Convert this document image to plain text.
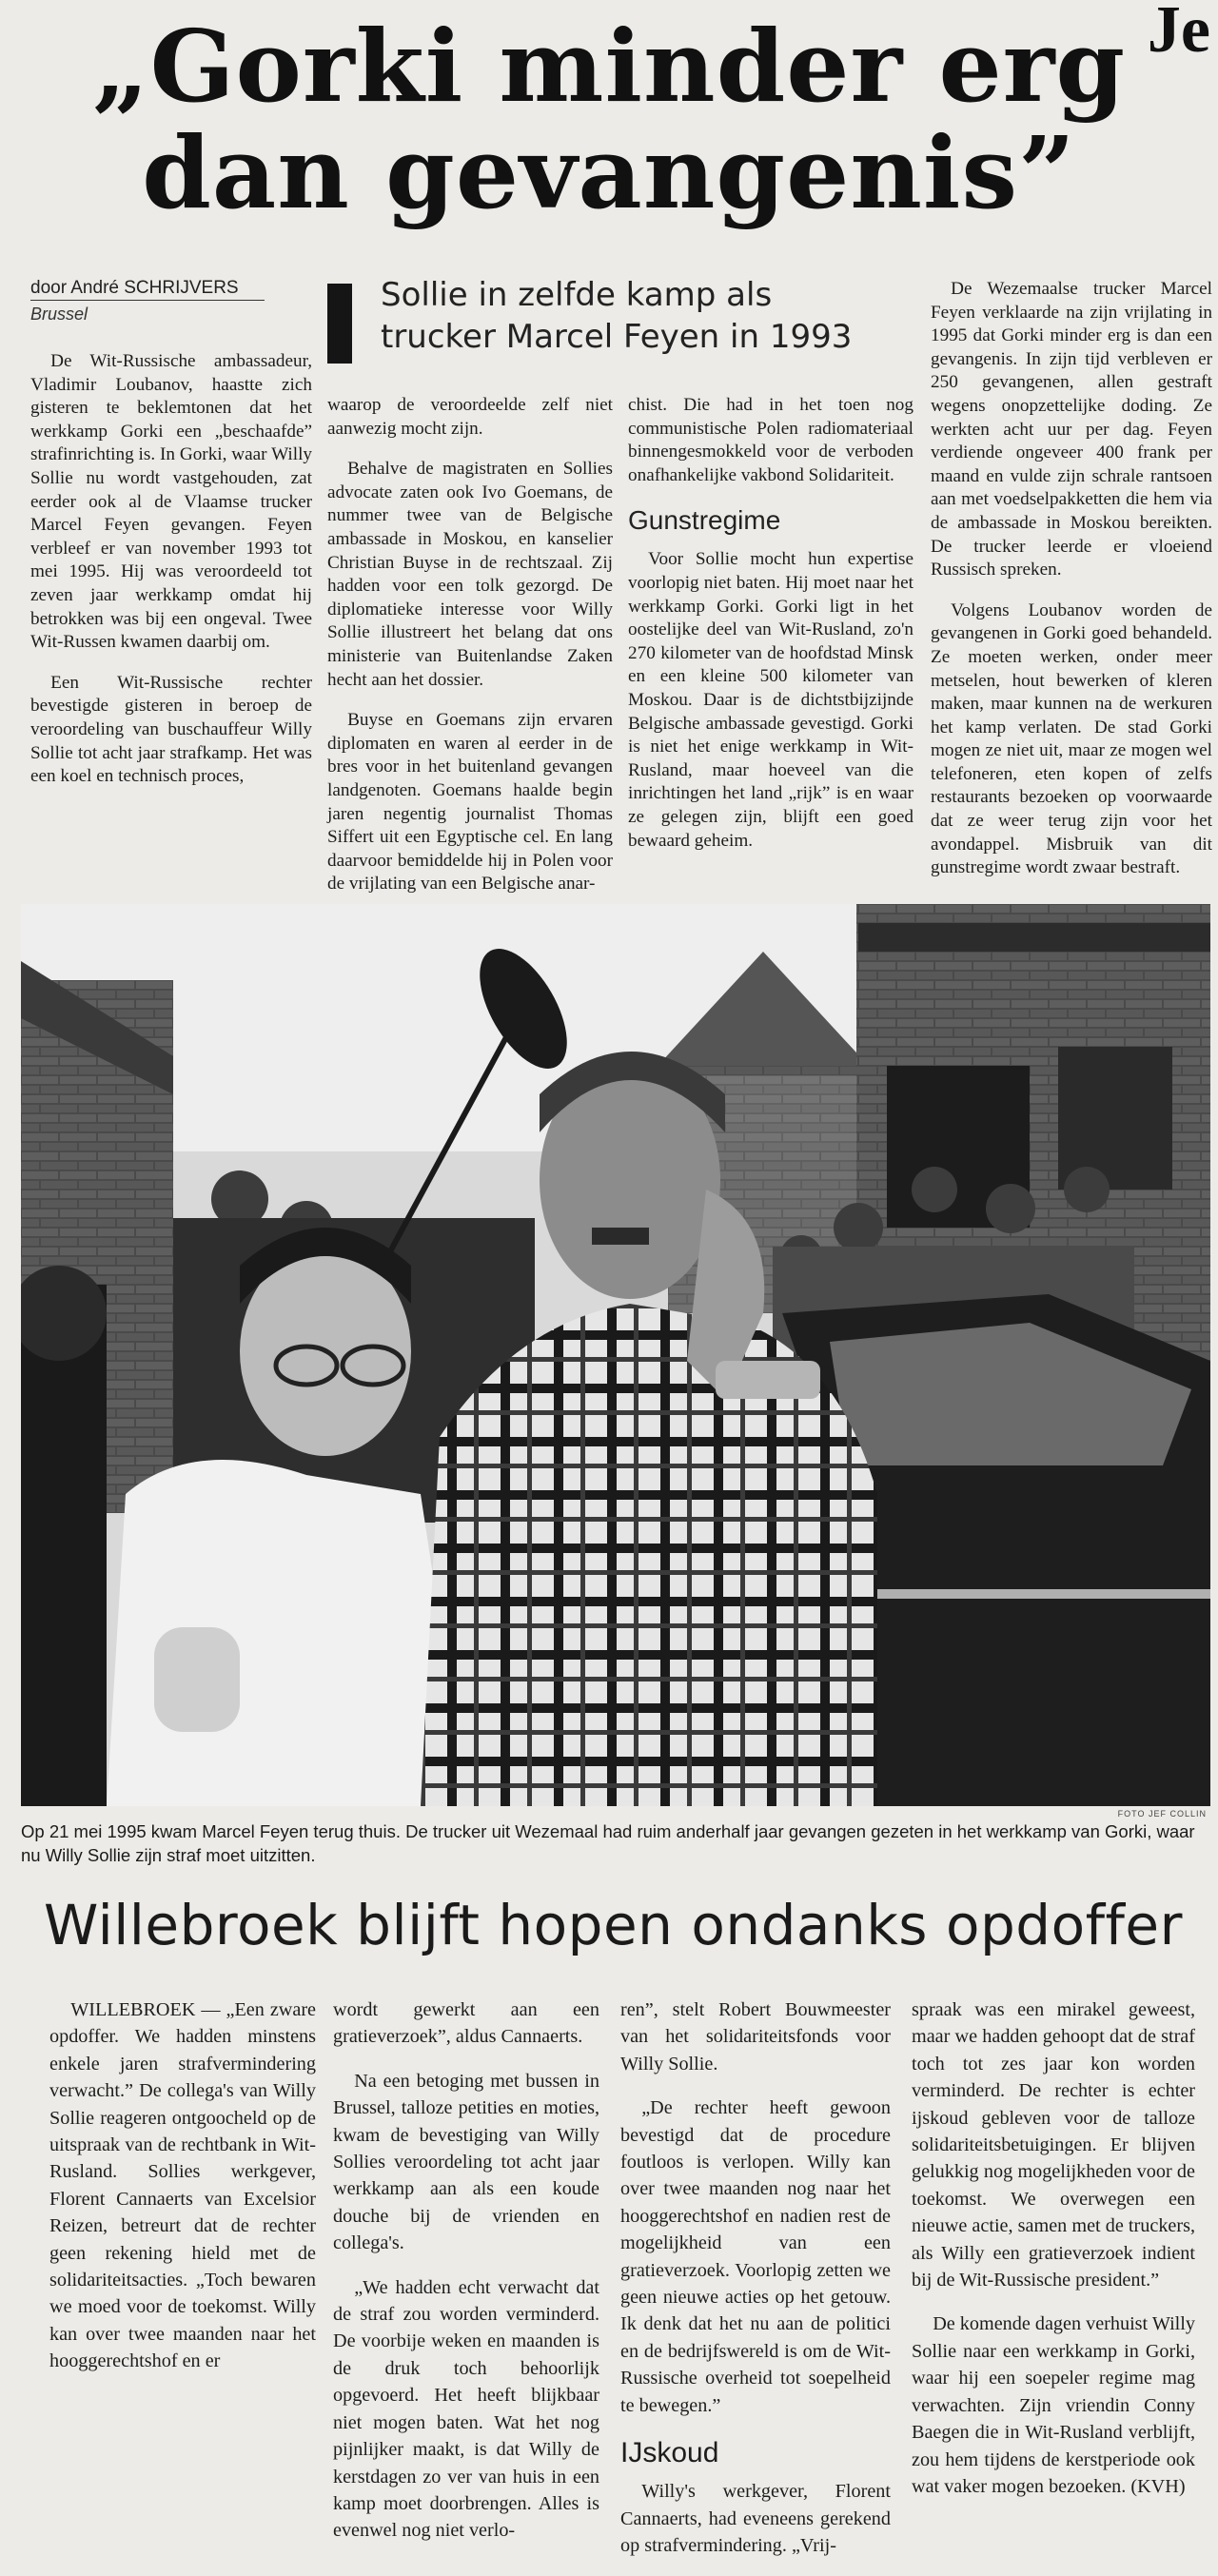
Je
„Gorki minder erg
dan gevangenis”
door André SCHRIJVERS
Brussel	Sollie in zelfde kamp als
trucker Marcel Feyen in 1993

De Wit-Russische ambassadeur, Vladimir Loubanov, haastte zich gisteren te beklemtonen dat het werkkamp Gorki een „beschaafde” strafinrichting is. In Gorki, waar Willy Sollie nu wordt vastgehouden, zat eerder ook al de Vlaamse trucker Marcel Feyen gevangen. Feyen verbleef er van november 1993 tot mei 1995. Hij was veroordeeld tot zeven jaar werkkamp omdat hij betrokken was bij een ongeval. Twee Wit-Russen kwamen daarbij om.

Een Wit-Russische rechter bevestigde gisteren in beroep de veroordeling van buschauffeur Willy Sollie tot acht jaar strafkamp. Het was een koel en technisch proces,

waarop de veroordeelde zelf niet aanwezig mocht zijn.

Behalve de magistraten en Sollies advocate zaten ook Ivo Goemans, de nummer twee van de Belgische ambassade in Moskou, en kanselier Christian Buyse in de rechtszaal. Zij hadden voor een tolk gezorgd. De diplomatieke interesse voor Willy Sollie illustreert het belang dat ons ministerie van Buitenlandse Zaken hecht aan het dossier.

Buyse en Goemans zijn ervaren diplomaten en waren al eerder in de bres voor in het buitenland gevangen landgenoten. Goemans haalde begin jaren negentig journalist Thomas Siffert uit een Egyptische cel. En lang daarvoor bemiddelde hij in Polen voor de vrijlating van een Belgische anar-

chist. Die had in het toen nog communistische Polen radiomateriaal binnengesmokkeld voor de verboden onafhankelijke vakbond Solidariteit.

Gunstregime

Voor Sollie mocht hun expertise voorlopig niet baten. Hij moet naar het werkkamp Gorki. Gorki ligt in het oostelijke deel van Wit-Rusland, zo'n 270 kilometer van de hoofdstad Minsk en een kleine 500 kilometer van Moskou. Daar is de dichtstbijzijnde Belgische ambassade gevestigd. Gorki is niet het enige werkkamp in Wit-Rusland, maar hoeveel van die inrichtingen het land „rijk” is en waar ze gelegen zijn, blijft een goed bewaard geheim.

De Wezemaalse trucker Marcel Feyen verklaarde na zijn vrijlating in 1995 dat Gorki minder erg is dan een gevangenis. In zijn tijd verbleven er 250 gevangenen, allen gestraft wegens onopzettelijke doding. Ze werkten acht uur per dag. Feyen verdiende ongeveer 400 frank per maand en vulde zijn schrale rantsoen aan met voedselpakketten die hem via de ambassade in Moskou bereikten. De trucker leerde er vloeiend Russisch spreken.

Volgens Loubanov worden de gevangenen in Gorki goed behandeld. Ze moeten werken, onder meer metselen, hout bewerken of kleren maken, maar kunnen na de werkuren het kamp verlaten. De stad Gorki mogen ze niet uit, maar ze mogen wel telefoneren, eten kopen of zelfs restaurants bezoeken op voorwaarde dat ze weer terug zijn voor het avondappel. Misbruik van dit gunstregime wordt zwaar bestraft.

FOTO JEF COLLIN
Op 21 mei 1995 kwam Marcel Feyen terug thuis. De trucker uit Wezemaal had ruim anderhalf jaar gevangen gezeten in het werkkamp van Gorki, waar nu Willy Sollie zijn straf moet uitzitten.
Willebroek blijft hopen ondanks opdoffer

WILLEBROEK — „Een zware opdoffer. We hadden minstens enkele jaren strafvermindering verwacht.” De collega's van Willy Sollie reageren ontgoocheld op de uitspraak van de rechtbank in Wit-Rusland. Sollies werkgever, Florent Cannaerts van Excelsior Reizen, betreurt dat de rechter geen rekening hield met de solidariteitsacties. „Toch bewaren we moed voor de toekomst. Willy kan over twee maanden naar het hooggerechtshof en er

wordt gewerkt aan een gratieverzoek”, aldus Cannaerts.

Na een betoging met bussen in Brussel, talloze petities en moties, kwam de bevestiging van Willy Sollies veroordeling tot acht jaar werkkamp aan als een koude douche bij de vrienden en collega's.

„We hadden echt verwacht dat de straf zou worden verminderd. De voorbije weken en maanden is de druk toch behoorlijk opgevoerd. Het heeft blijkbaar niet mogen baten. Wat het nog pijnlijker maakt, is dat Willy de kerstdagen zo ver van huis in een kamp moet doorbrengen. Alles is evenwel nog niet verlo-

ren”, stelt Robert Bouwmeester van het solidariteitsfonds voor Willy Sollie.

„De rechter heeft gewoon bevestigd dat de procedure foutloos is verlopen. Willy kan over twee maanden nog naar het hooggerechtshof en nadien rest de mogelijkheid van een gratieverzoek. Voorlopig zetten we geen nieuwe acties op het getouw. Ik denk dat het nu aan de politici en de bedrijfswereld is om de Wit-Russische overheid tot soepelheid te bewegen.”

IJskoud

Willy's werkgever, Florent Cannaerts, had eveneens gerekend op strafvermindering. „Vrij-

spraak was een mirakel geweest, maar we hadden gehoopt dat de straf toch tot zes jaar kon worden verminderd. De rechter is echter ijskoud gebleven voor de talloze solidariteitsbetuigingen. Er blijven gelukkig nog mogelijkheden voor de toekomst. We overwegen een nieuwe actie, samen met de truckers, als Willy een gratieverzoek indient bij de Wit-Russische president.”

De komende dagen verhuist Willy Sollie naar een werkkamp in Gorki, waar hij een soepeler regime mag verwachten. Zijn vriendin Conny Baegen die in Wit-Rusland verblijft, zou hem tijdens de kerstperiode ook wat vaker mogen bezoeken. (KVH)
